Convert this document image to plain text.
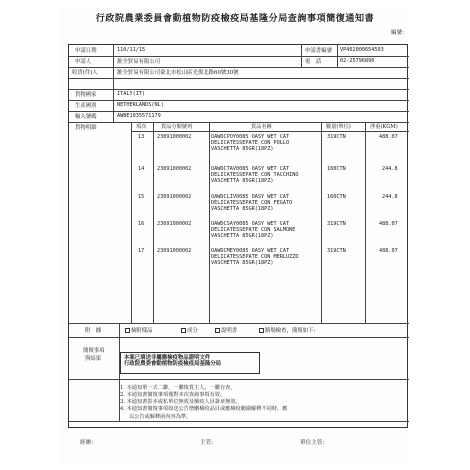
行政院農業委員會動植物防疫檢疫局基隆分局查詢事項簡復通知書
編號:
申請日期	110/11/15	申請書編號 VP402000654503
申請人	滙全貿易有限公司	電　話	02-25796890
收貨(件)人	滙全貿易有限公司臺北市松山區光復北路60號30號
貨物國家	ITALY(IT)
生產國別	NETHERLANDS(NL)
輸入號碼	AWBE1035571179
貨物明細	項次	貨品分類號列	貨品名稱	數量(單位)	淨重(KGM)
13 23091000002	OAWDCPOY0085 OASY WET CAT
DELICATESSEPATE CON POLLO
VASCHETTA 85GR(18PZ)
319CTN	488.07
14 23091000002	OAWDCTAV0085 OASY WET CAT
DELICATESSEPATE CON TACCHINO
VASCHETTA 85GR(18PZ)
160CTN	244.8
15 23091000002	OAWDCLIV0085 OASY WET CAT
DELICATESSEPATE CON FEGATO
VASCHETTA 85GR(18PZ)
160CTN	244.8
16 23091000002	OAWDCSAY0085 OASY WET CAT
DELICATESSEPATE CON SALMONE
VASCHETTA 85GR(18PZ)
319CTN	488.07
17 23091000002	OAWDCMEY0085 OASY WET CAT
DELICATESSEPATE CON MERLUZZO
VASCHETTA 85GR(18PZ)
319CTN	488.07
附　據	檢附樣品	成分	說明書	路場檢查，簡復如下:
簡復事項
與結果	本案已填送非屬應檢疫物品證明文件
行政院農委會動植物防疫檢疫局基隆分局
1. 本通知單一式二聯，一聯復貨主人，一聯存查。
2. 本通知書簡復事項僅對本次查詢事項有效。
3. 本通知書影本或私單位無效及檢疫人員簽章無效。
4. 本通知書簡復事項如送公告增刪檢疫品目或應檢疫範圍解釋不同時，應
以公告或解釋函內容為準。
經辦:	主管:	單位主管:
